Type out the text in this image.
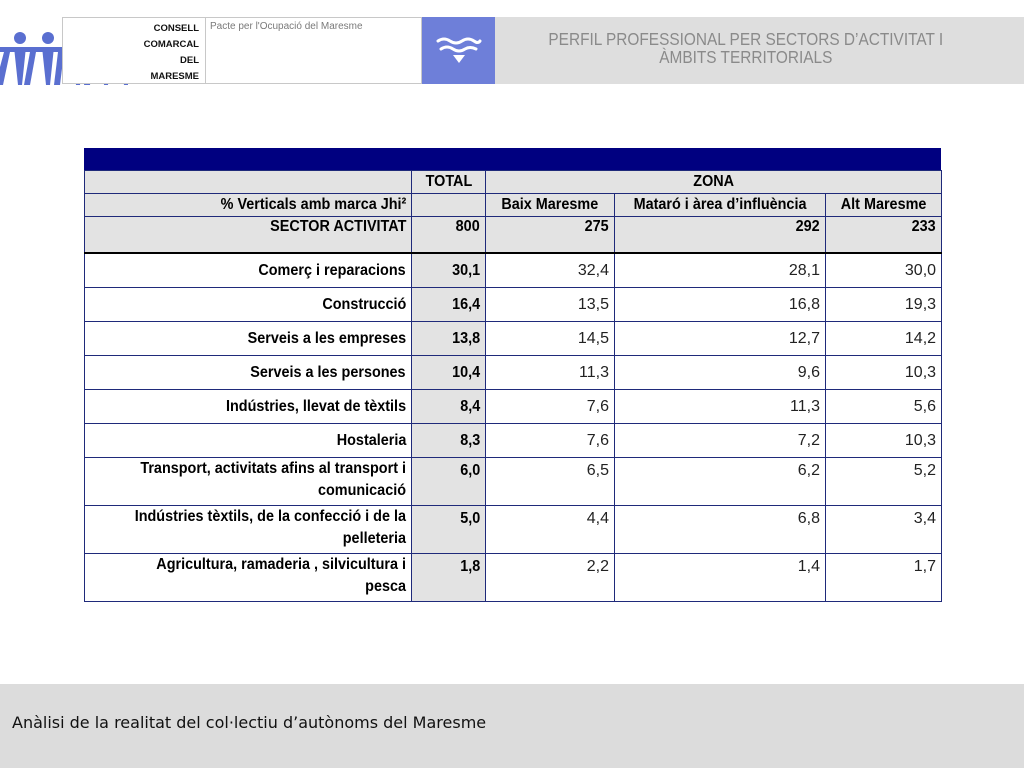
CONSELL
COMARCAL
DEL
MARESME
Pacte per l'Ocupació del Maresme
PERFIL PROFESSIONAL PER SECTORS D’ACTIVITAT I
ÀMBITS TERRITORIALS
	TOTAL	ZONA		
% Verticals amb marca Jhi²		Baix Maresme	Mataró i àrea d’influència	Alt Maresme
SECTOR ACTIVITAT	800	275	292	233
Comerç i reparacions	30,1	32,4	28,1	30,0
Construcció	16,4	13,5	16,8	19,3
Serveis a les empreses	13,8	14,5	12,7	14,2
Serveis a les persones	10,4	11,3	9,6	10,3
Indústries, llevat de tèxtils	8,4	7,6	11,3	5,6
Hostaleria	8,3	7,6	7,2	10,3

Transport, activitats afins al transport i
comunicació	6,0	6,5	6,2	5,2

Indústries tèxtils, de la confecció i de la
pelleteria	5,0	4,4	6,8	3,4

Agricultura, ramaderia , silvicultura i
pesca	1,8	2,2	1,4	1,7
Anàlisi de la realitat del col·lectiu d’autònoms del Maresme
